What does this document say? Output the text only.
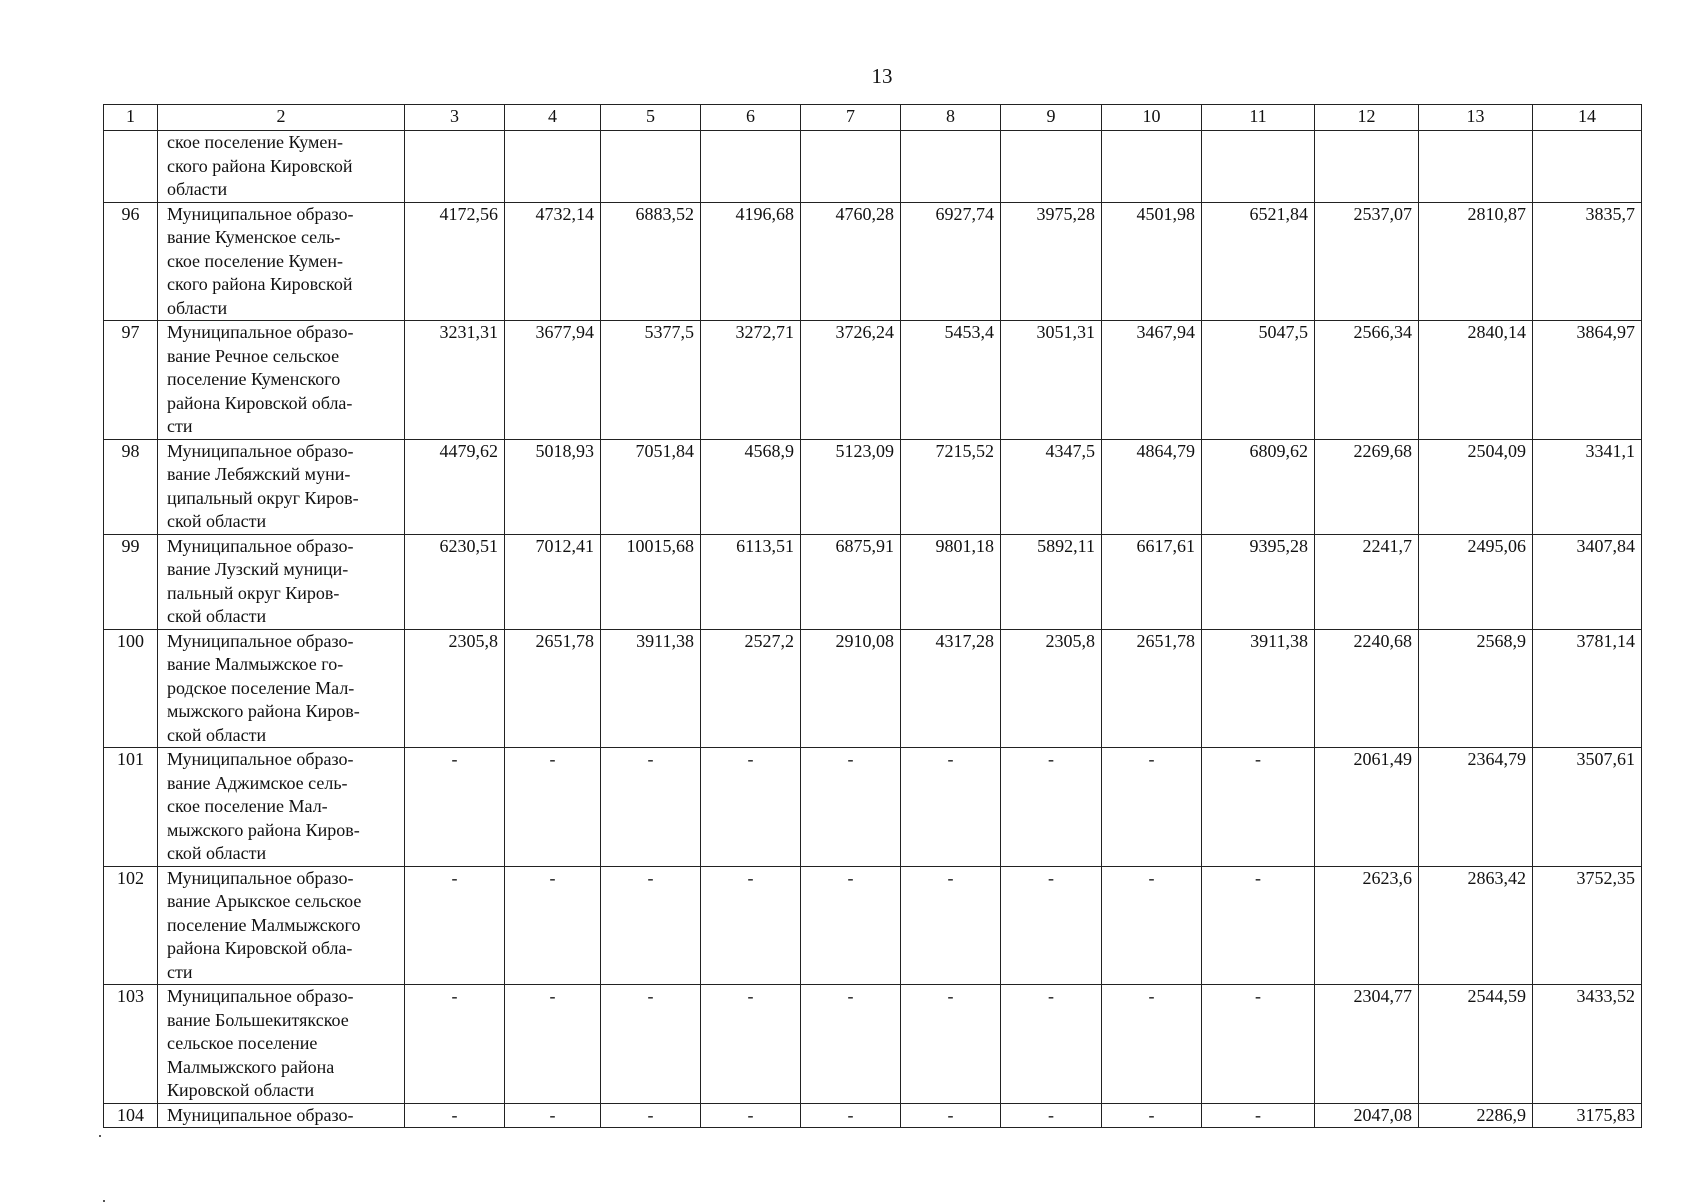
13
1	2	3	4	5	6	7	8	9	10	11	12	13	14
	ское поселение Кумен-
ского района Кировской
области												
96	Муниципальное образо-
вание Куменское сель-
ское поселение Кумен-
ского района Кировской
области	4172,56	4732,14	6883,52	4196,68	4760,28	6927,74	3975,28	4501,98	6521,84	2537,07	2810,87	3835,7
97	Муниципальное образо-
вание Речное сельское
поселение Куменского
района Кировской обла-
сти	3231,31	3677,94	5377,5	3272,71	3726,24	5453,4	3051,31	3467,94	5047,5	2566,34	2840,14	3864,97
98	Муниципальное образо-
вание Лебяжский муни-
ципальный округ Киров-
ской области	4479,62	5018,93	7051,84	4568,9	5123,09	7215,52	4347,5	4864,79	6809,62	2269,68	2504,09	3341,1
99	Муниципальное образо-
вание Лузский муници-
пальный округ Киров-
ской области	6230,51	7012,41	10015,68	6113,51	6875,91	9801,18	5892,11	6617,61	9395,28	2241,7	2495,06	3407,84
100	Муниципальное образо-
вание Малмыжское го-
родское поселение Мал-
мыжского района Киров-
ской области	2305,8	2651,78	3911,38	2527,2	2910,08	4317,28	2305,8	2651,78	3911,38	2240,68	2568,9	3781,14
101	Муниципальное образо-
вание Аджимское сель-
ское поселение Мал-
мыжского района Киров-
ской области	-	-	-	-	-	-	-	-	-	2061,49	2364,79	3507,61
102	Муниципальное образо-
вание Арыкское сельское
поселение Малмыжского
района Кировской обла-
сти	-	-	-	-	-	-	-	-	-	2623,6	2863,42	3752,35
103	Муниципальное образо-
вание Большекитякское
сельское поселение
Малмыжского района
Кировской области	-	-	-	-	-	-	-	-	-	2304,77	2544,59	3433,52
104	Муниципальное образо-	-	-	-	-	-	-	-	-	-	2047,08	2286,9	3175,83
